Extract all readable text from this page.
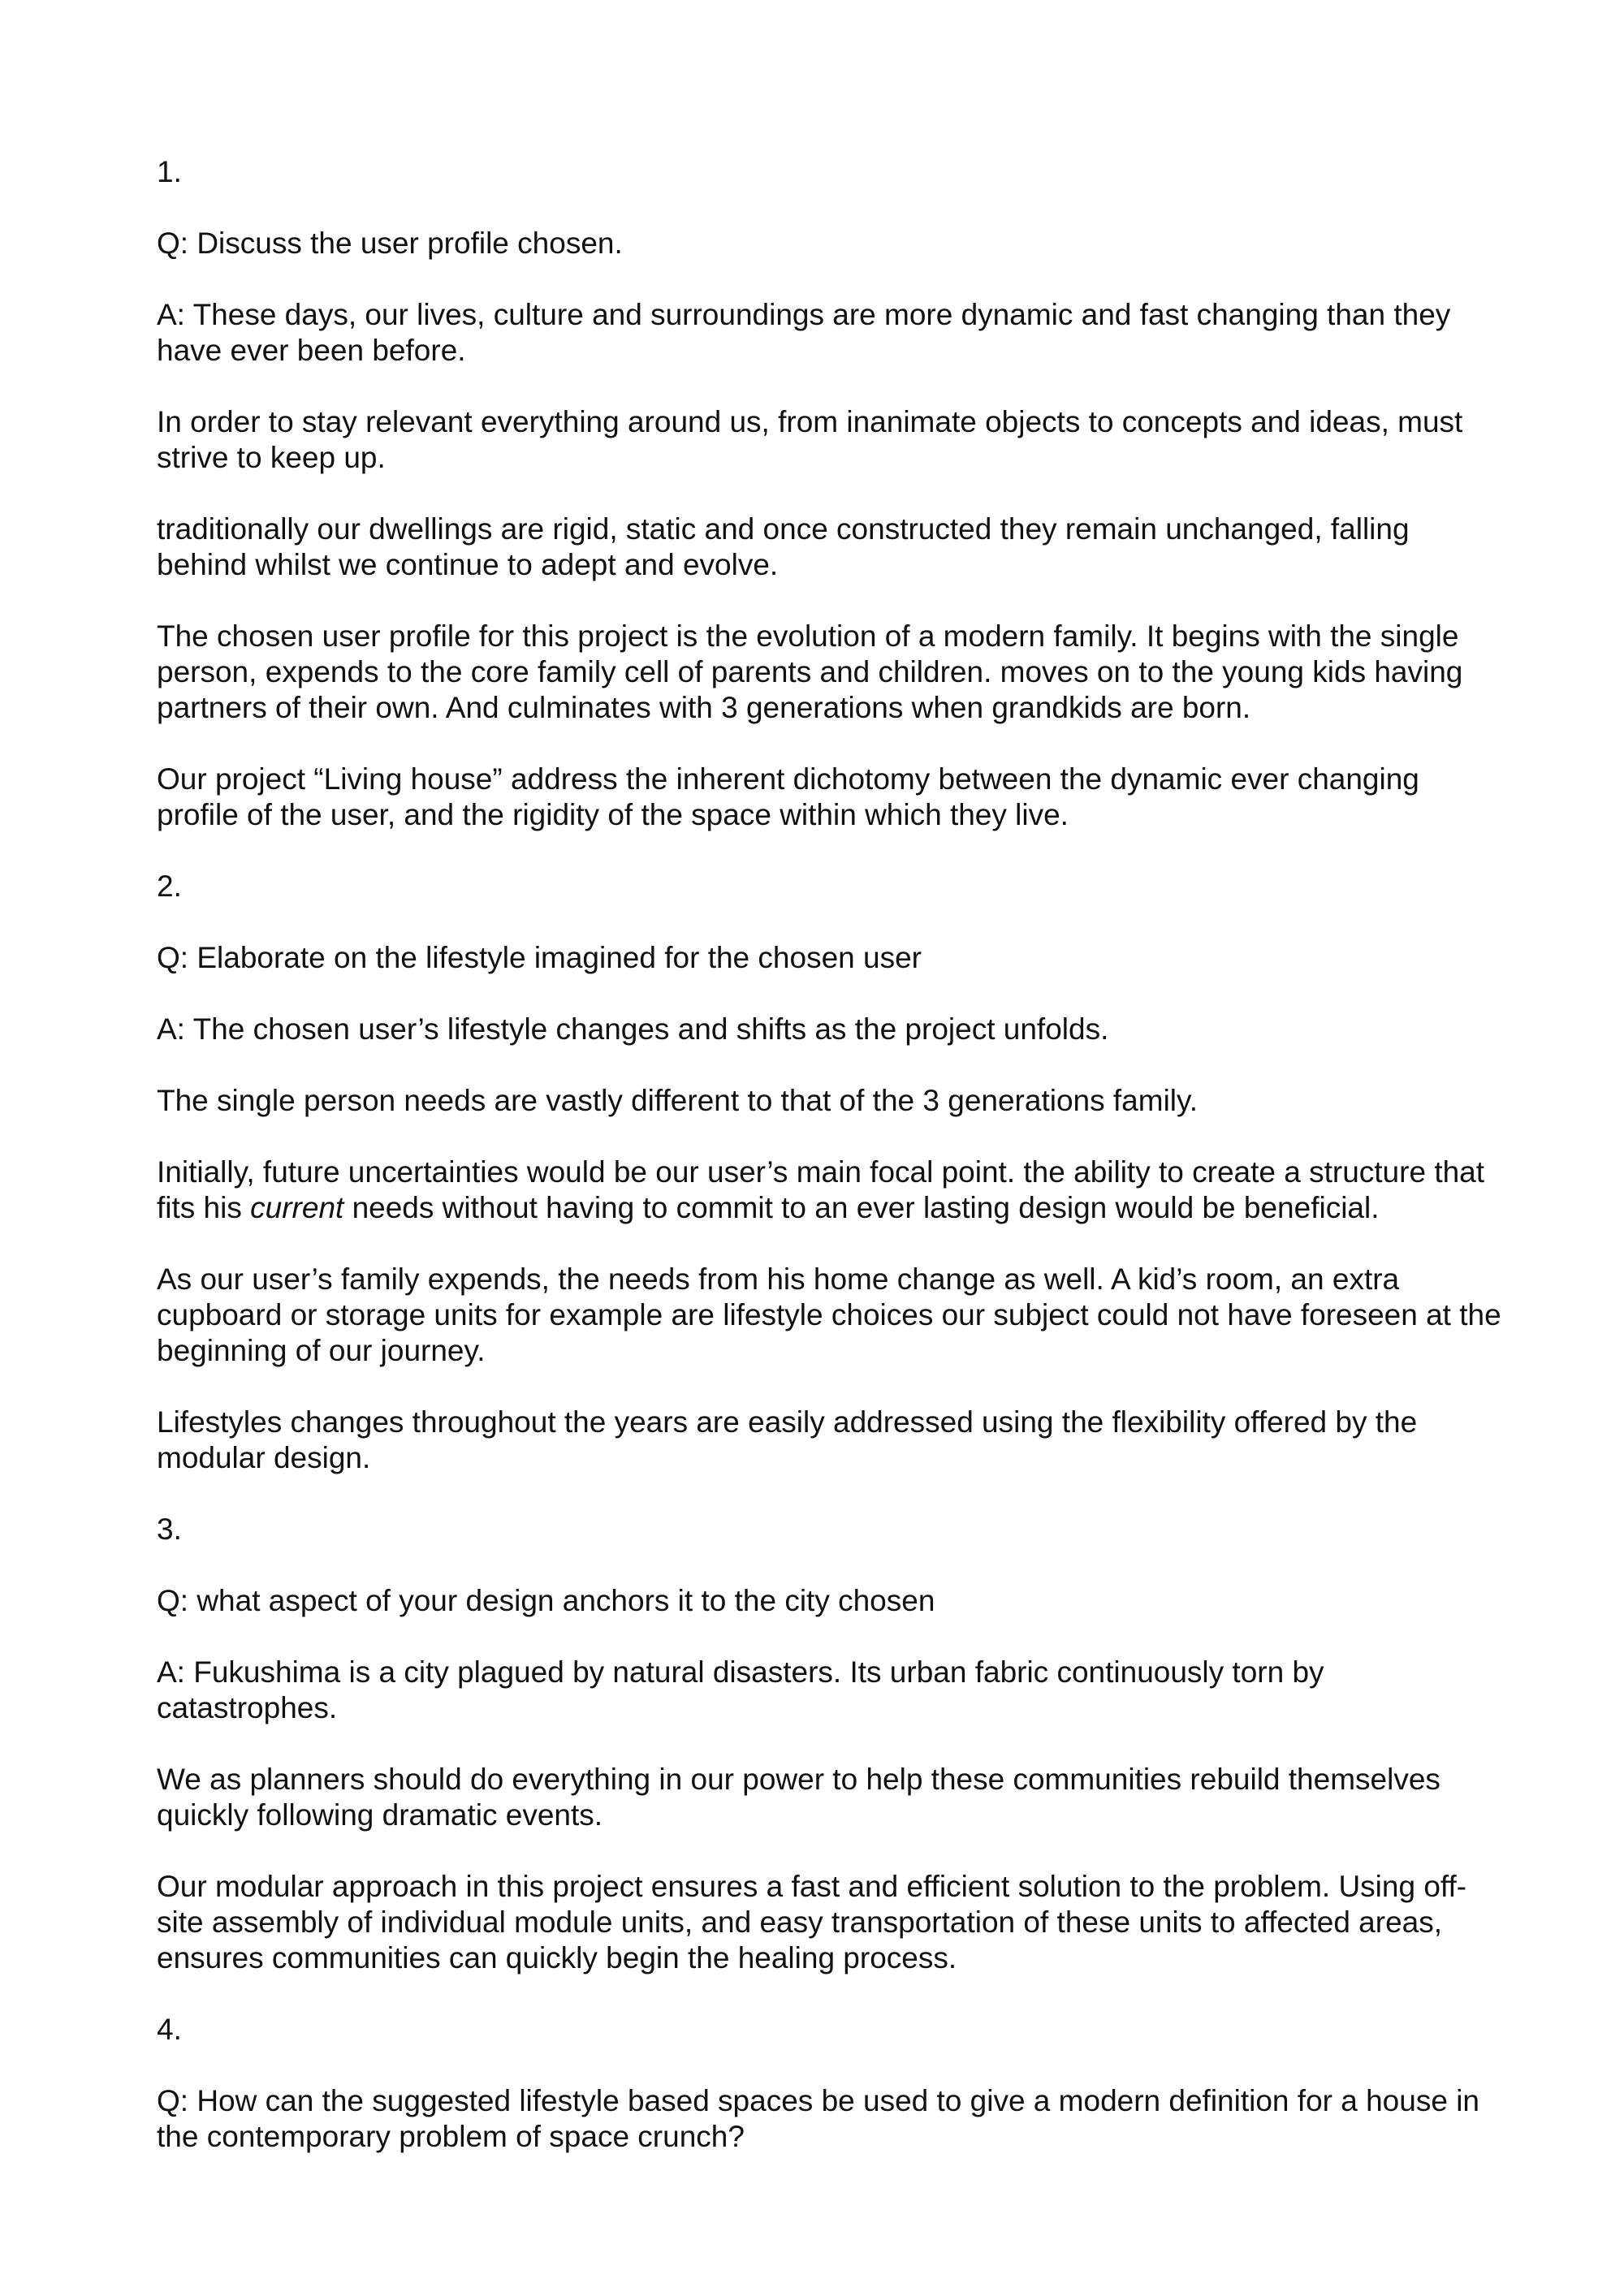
1.

Q: Discuss the user profile chosen.

A: These days, our lives, culture and surroundings are more dynamic and fast changing than they have ever been before.

In order to stay relevant everything around us, from inanimate objects to concepts and ideas, must strive to keep up.

traditionally our dwellings are rigid, static and once constructed they remain unchanged, falling behind whilst we continue to adept and evolve.

The chosen user profile for this project is the evolution of a modern family. It begins with the single person, expends to the core family cell of parents and children. moves on to the young kids having partners of their own. And culminates with 3 generations when grandkids are born.

Our project “Living house” address the inherent dichotomy between the dynamic ever changing profile of the user, and the rigidity of the space within which they live.

2.

Q: Elaborate on the lifestyle imagined for the chosen user

A: The chosen user’s lifestyle changes and shifts as the project unfolds.

The single person needs are vastly different to that of the 3 generations family.

Initially, future uncertainties would be our user’s main focal point. the ability to create a structure that fits his current needs without having to commit to an ever lasting design would be beneficial.

As our user’s family expends, the needs from his home change as well. A kid’s room, an extra cupboard or storage units for example are lifestyle choices our subject could not have foreseen at the beginning of our journey.

Lifestyles changes throughout the years are easily addressed using the flexibility offered by the modular design.

3.

Q: what aspect of your design anchors it to the city chosen

A: Fukushima is a city plagued by natural disasters. Its urban fabric continuously torn by catastrophes.

We as planners should do everything in our power to help these communities rebuild themselves quickly following dramatic events.

Our modular approach in this project ensures a fast and efficient solution to the problem. Using off-site assembly of individual module units, and easy transportation of these units to affected areas, ensures communities can quickly begin the healing process.

4.

Q: How can the suggested lifestyle based spaces be used to give a modern definition for a house in the contemporary problem of space crunch?
